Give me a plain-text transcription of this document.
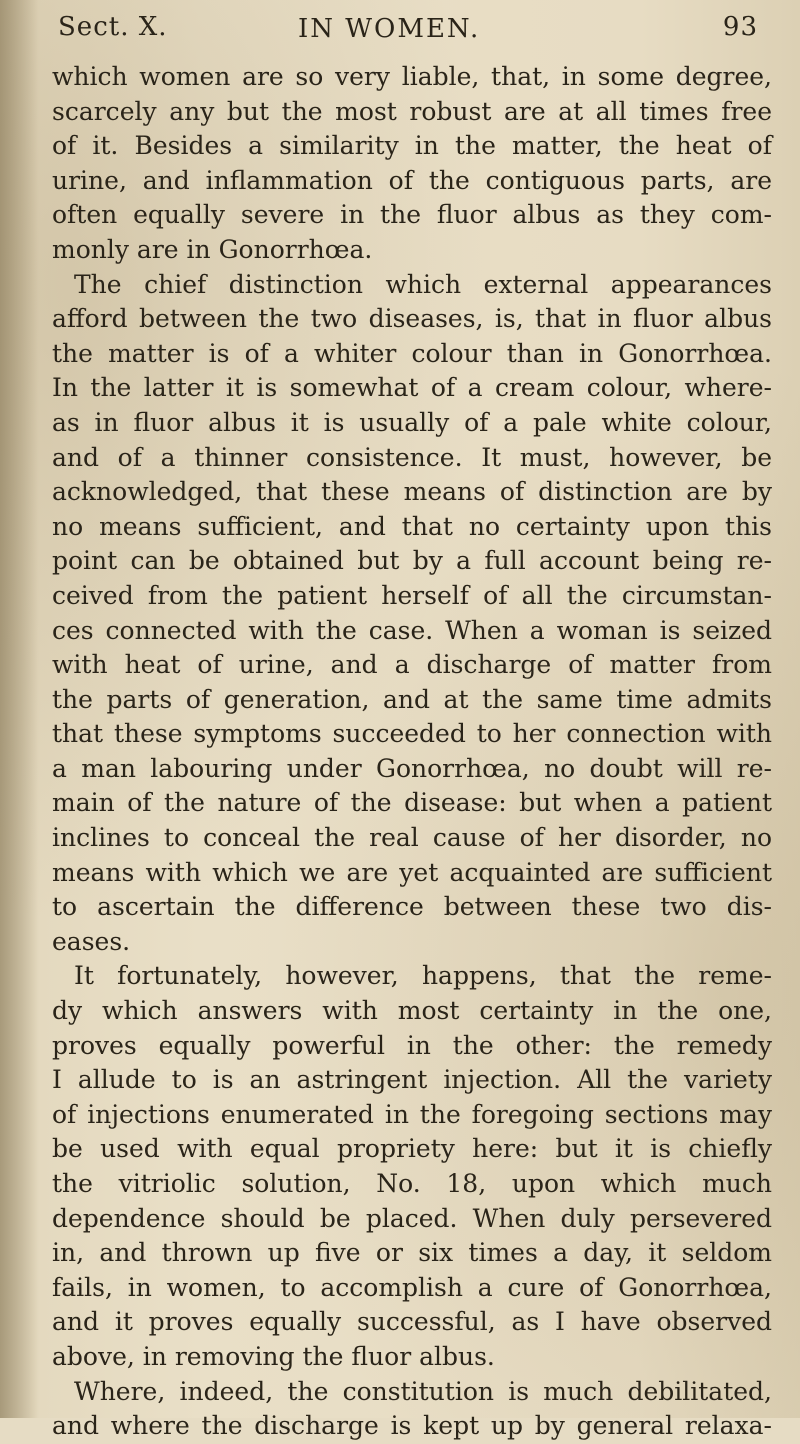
Sect. X.	IN WOMEN.	93
which women are so very liable, that, in some degree,
scarcely any but the most robust are at all times free
of it. Besides a similarity in the matter, the heat of
urine, and inflammation of the contiguous parts, are
often equally severe in the fluor albus as they com-
monly are in Gonorrhœa.
The chief distinction which external appearances
afford between the two diseases, is, that in fluor albus
the matter is of a whiter colour than in Gonorrhœa.
In the latter it is somewhat of a cream colour, where-
as in fluor albus it is usually of a pale white colour,
and of a thinner consistence. It must, however, be
acknowledged, that these means of distinction are by
no means sufficient, and that no certainty upon this
point can be obtained but by a full account being re-
ceived from the patient herself of all the circumstan-
ces connected with the case. When a woman is seized
with heat of urine, and a discharge of matter from
the parts of generation, and at the same time admits
that these symptoms succeeded to her connection with
a man labouring under Gonorrhœa, no doubt will re-
main of the nature of the disease: but when a patient
inclines to conceal the real cause of her disorder, no
means with which we are yet acquainted are sufficient
to ascertain the difference between these two dis-
eases.
It fortunately, however, happens, that the reme-
dy which answers with most certainty in the one,
proves equally powerful in the other: the remedy
I allude to is an astringent injection. All the variety
of injections enumerated in the foregoing sections may
be used with equal propriety here: but it is chiefly
the vitriolic solution, No. 18, upon which much
dependence should be placed. When duly persevered
in, and thrown up five or six times a day, it seldom
fails, in women, to accomplish a cure of Gonorrhœa,
and it proves equally successful, as I have observed
above, in removing the fluor albus.
Where, indeed, the constitution is much debilitated,
and where the discharge is kept up by general relaxa-
